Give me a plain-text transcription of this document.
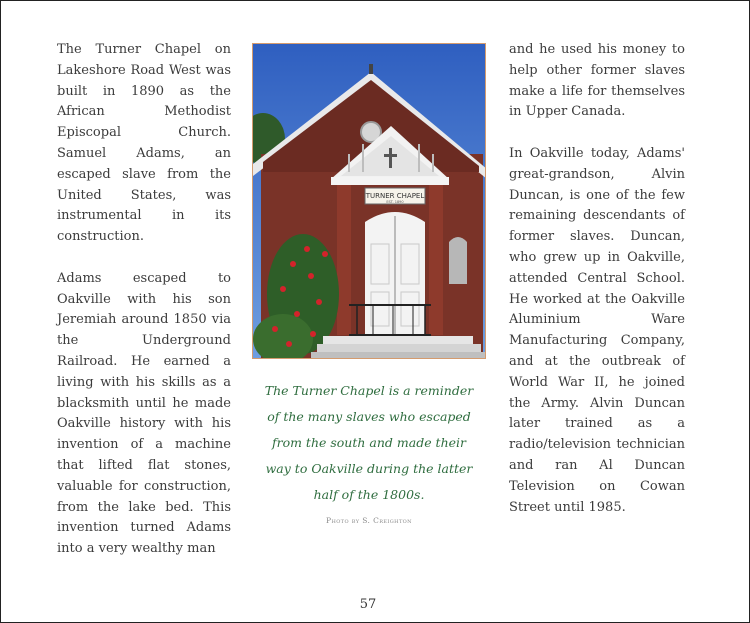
The Turner Chapel on Lakeshore Road West was built in 1890 as the African Methodist Episcopal Church. Samuel Adams, an escaped slave from the United States, was instrumental in its construction.

Adams escaped to Oakville with his son Jeremiah around 1850 via the Underground Railroad. He earned a living with his skills as a blacksmith until he made Oakville history with his invention of a machine that lifted flat stones, valuable for construction, from the lake bed. This invention turned Adams into a very wealthy man

TURNER CHAPEL
EST. 1890
The Turner Chapel is a reminder of the many slaves who escaped from the south and made their way to Oakville during the latter half of the 1800s.
Photo by S. Creighton

and he used his money to help other former slaves make a life for themselves in Upper Canada.

In Oakville today, Adams' great-grandson, Alvin Duncan, is one of the few remaining descendants of former slaves. Duncan, who grew up in Oakville, attended Central School. He worked at the Oakville Aluminium Ware Manufacturing Company, and at the outbreak of World War II, he joined the Army. Alvin Duncan later trained as a radio/television technician and ran Al Duncan Television on Cowan Street until 1985.

57
